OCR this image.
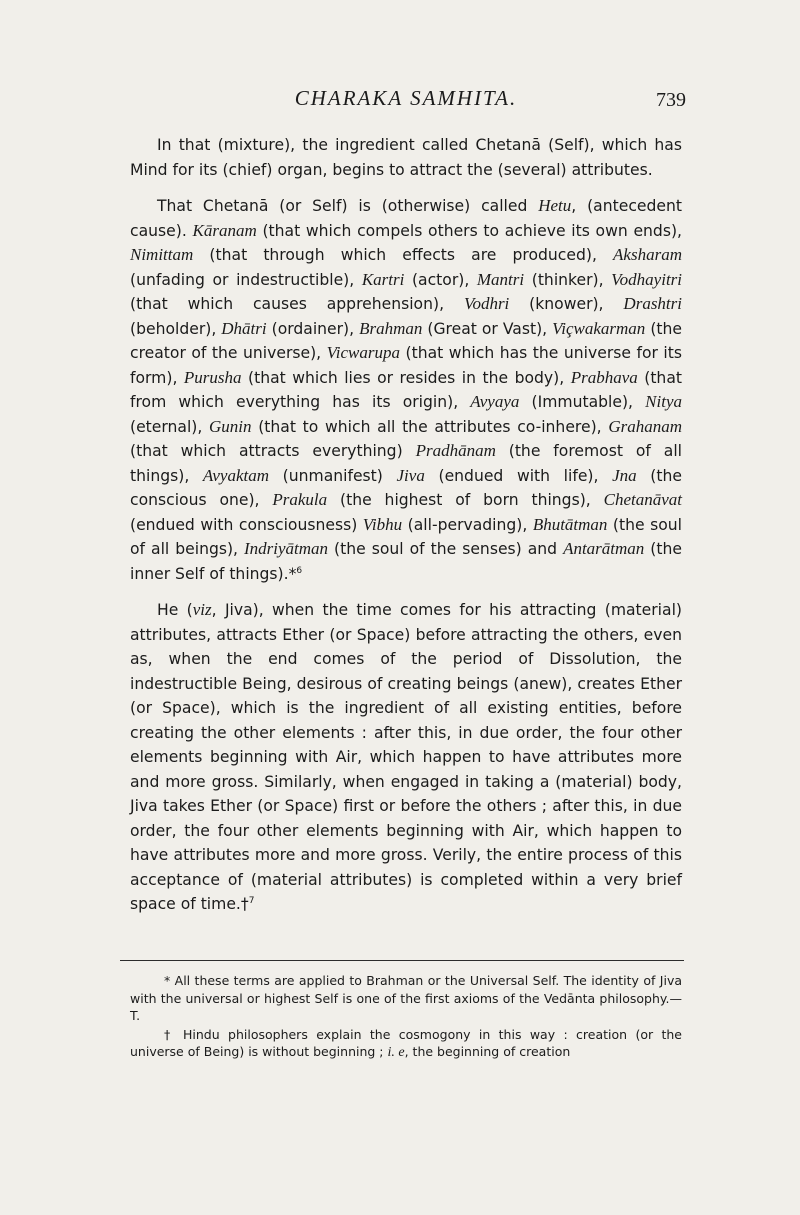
CHARAKA SAMHITA.	739

In that (mixture), the ingredient called Chetanā (Self), which has Mind for its (chief) organ, begins to attract the (several) attributes.

That Chetanā (or Self) is (otherwise) called Hetu, (antecedent cause). Kāranam (that which compels others to achieve its own ends), Nimittam (that through which effects are produced), Aksharam (unfading or indestructible), Kartri (actor), Mantri (thinker), Vodhayitri (that which causes apprehension), Vodhri (knower), Drashtri (beholder), Dhātri (ordainer), Brahman (Great or Vast), Viçwakarman (the creator of the universe), Vicwarupa (that which has the universe for its form), Purusha (that which lies or resides in the body), Prabhava (that from which everything has its origin), Avyaya (Immutable), Nitya (eternal), Gunin (that to which all the attributes co-inhere), Grahanam (that which attracts everything) Pradhānam (the foremost of all things), Avyaktam (unmanifest) Jiva (endued with life), Jna (the conscious one), Prakula (the highest of born things), Chetanāvat (endued with consciousness) Vibhu (all-pervading), Bhutātman (the soul of all beings), Indriyātman (the soul of the senses) and Antarātman (the inner Self of things).*$^6$

He (viz, Jiva), when the time comes for his attracting (material) attributes, attracts Ether (or Space) before attracting the others, even as, when the end comes of the period of Dissolution, the indestructible Being, desirous of creating beings (anew), creates Ether (or Space), which is the ingredient of all existing entities, before creating the other elements : after this, in due order, the four other elements beginning with Air, which happen to have attributes more and more gross. Similarly, when engaged in taking a (material) body, Jiva takes Ether (or Space) first or before the others ; after this, in due order, the four other elements beginning with Air, which happen to have attributes more and more gross. Verily, the entire process of this acceptance of (material attributes) is completed within a very brief space of time.†$^7$

* All these terms are applied to Brahman or the Universal Self. The identity of Jiva with the universal or highest Self is one of the first axioms of the Vedānta philosophy.—T.

† Hindu philosophers explain the cosmogony in this way : creation (or the universe of Being) is without beginning ; i. e, the beginning of creation
